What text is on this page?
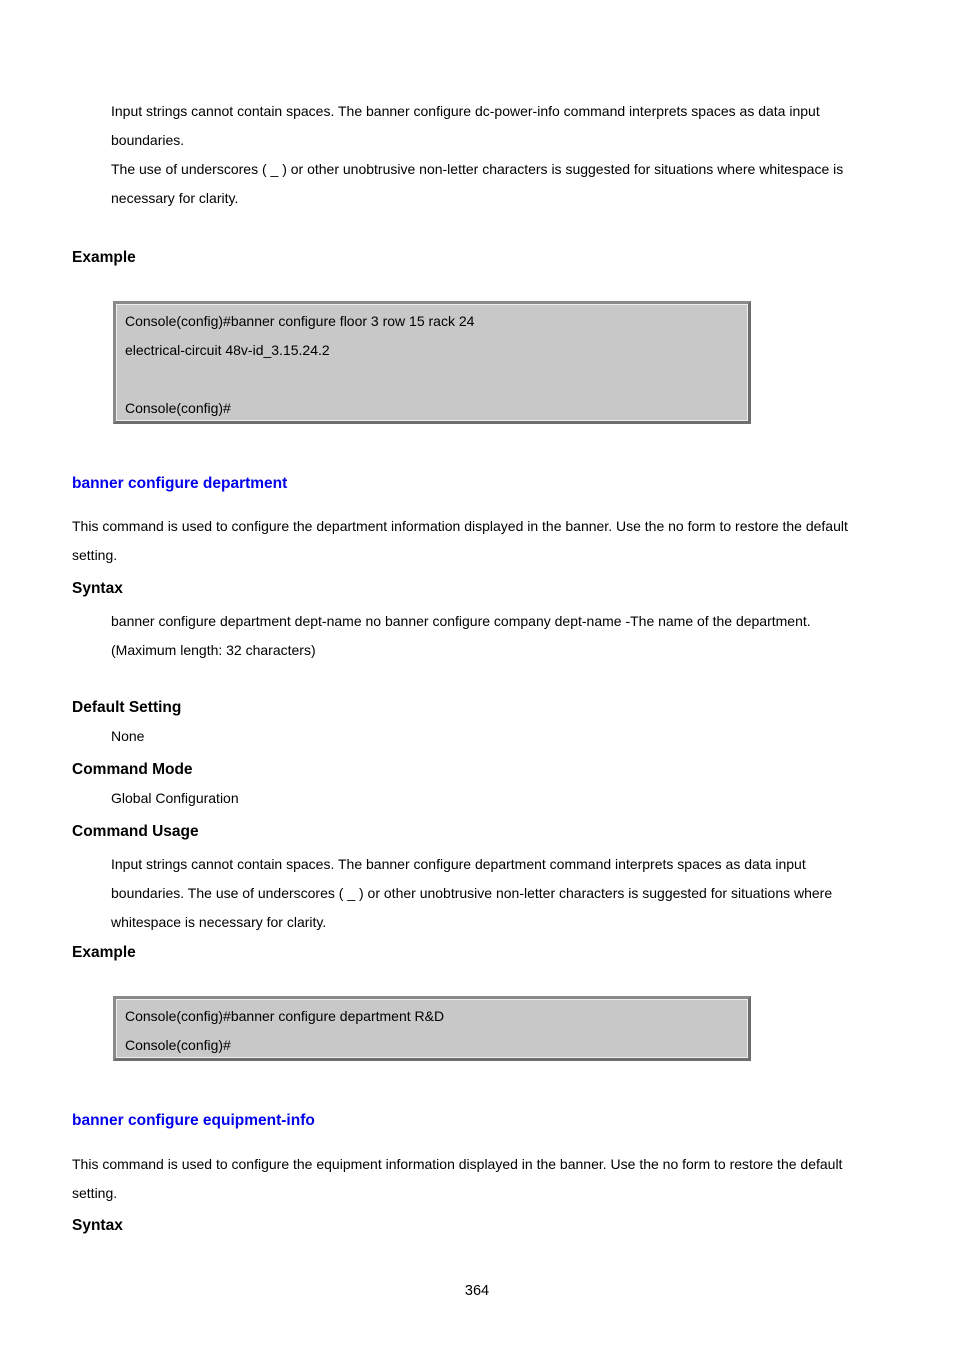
Input strings cannot contain spaces. The banner configure dc-power-info command interprets spaces as data input
boundaries.
The use of underscores ( _ ) or other unobtrusive non-letter characters is suggested for situations where whitespace is
necessary for clarity.
Example
Console(config)#banner configure floor 3 row 15 rack 24
electrical-circuit 48v-id_3.15.24.2
Console(config)#
banner configure department
This command is used to configure the department information displayed in the banner. Use the no form to restore the default
setting.
Syntax
banner configure department dept-name no banner configure company dept-name -The name of the department.
(Maximum length: 32 characters)
Default Setting
None
Command Mode
Global Configuration
Command Usage
Input strings cannot contain spaces. The banner configure department command interprets spaces as data input
boundaries. The use of underscores ( _ ) or other unobtrusive non-letter characters is suggested for situations where
whitespace is necessary for clarity.
Example
Console(config)#banner configure department R&D
Console(config)#
banner configure equipment-info
This command is used to configure the equipment information displayed in the banner. Use the no form to restore the default
setting.
Syntax
364
